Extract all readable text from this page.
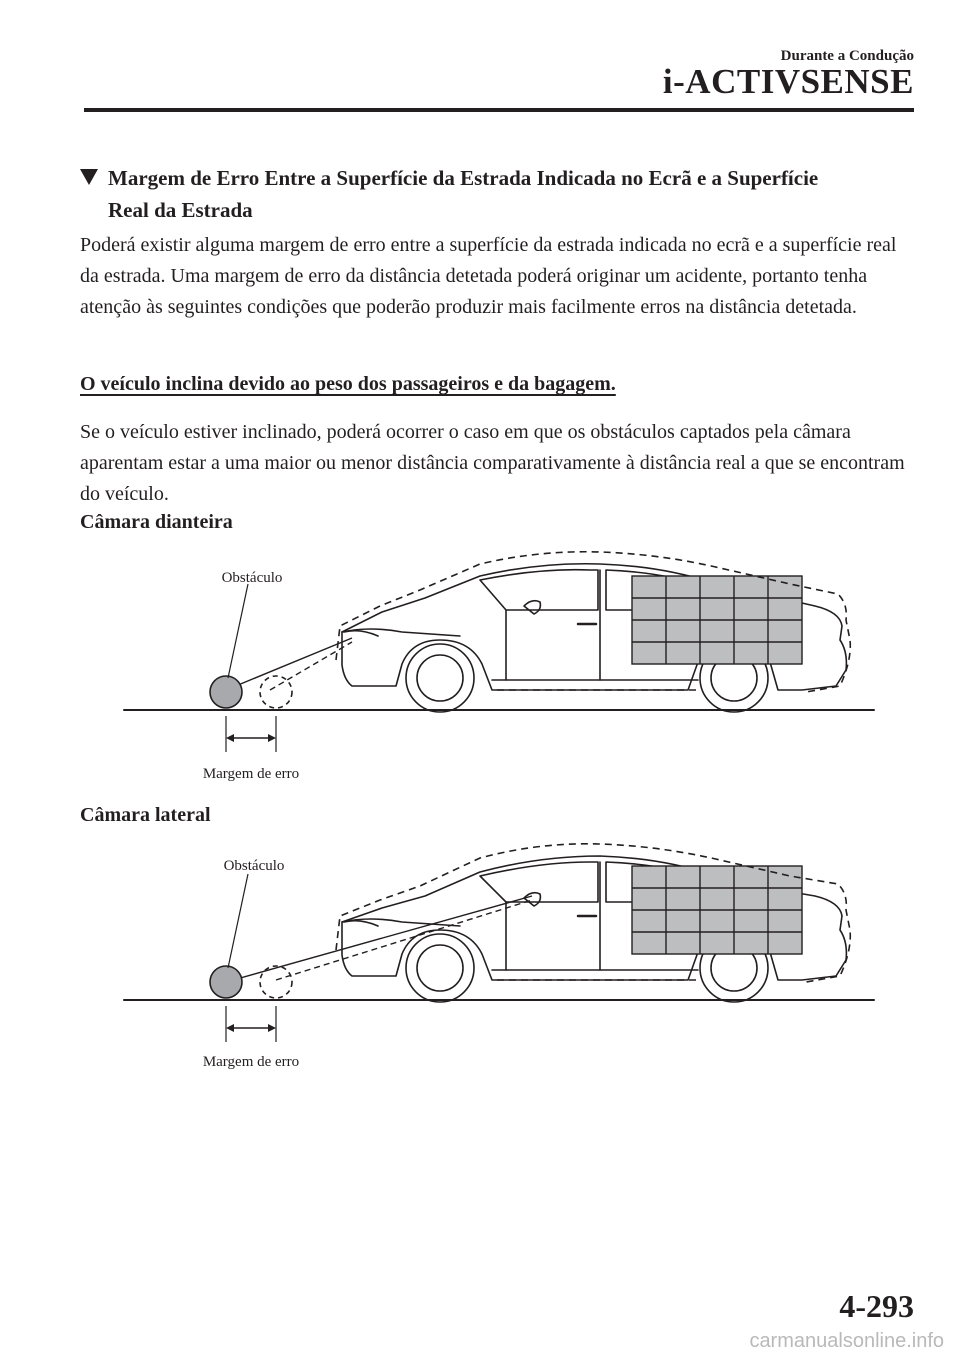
Durante a Condução
i-ACTIVSENSE
Margem de Erro Entre a Superfície da Estrada Indicada no Ecrã e a Superfície
Real da Estrada

Poderá existir alguma margem de erro entre a superfície da estrada indicada no ecrã e a superfície real da estrada. Uma margem de erro da distância detetada poderá originar um acidente, portanto tenha atenção às seguintes condições que poderão produzir mais facilmente erros na distância detetada.

O veículo inclina devido ao peso dos passageiros e da bagagem.

Se o veículo estiver inclinado, poderá ocorrer o caso em que os obstáculos captados pela câmara aparentam estar a uma maior ou menor distância comparativamente à distância real a que se encontram do veículo.

Câmara dianteira
Obstáculo
Margem de erro
Câmara lateral
Obstáculo
Margem de erro
4-293
carmanualsonline.info
